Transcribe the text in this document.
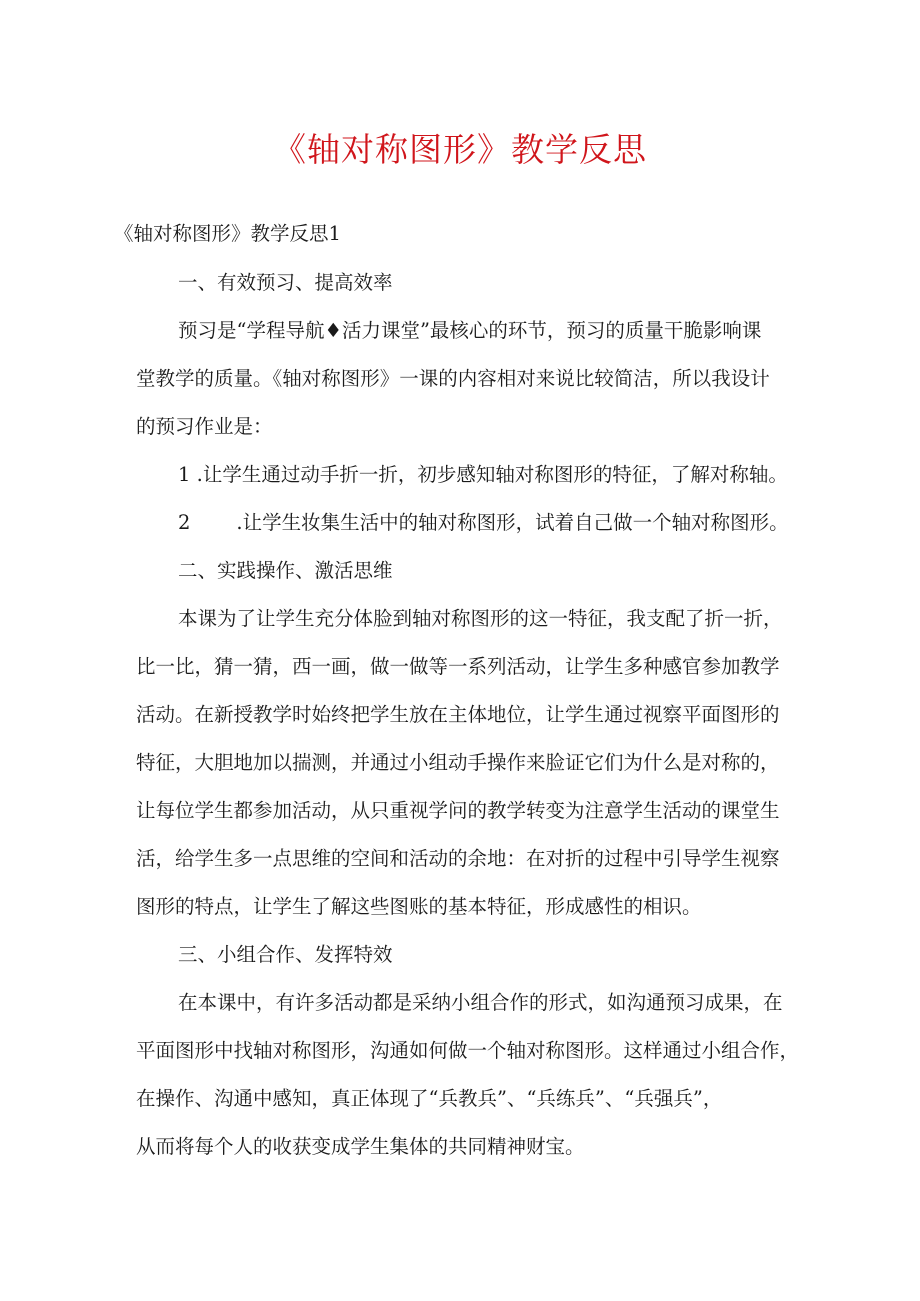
《轴对称图形》教学反思

《轴对称图形》教学反思1

一、有效预习、提高效率

预习是“学程导航♦活力课堂”最核心的环节，预习的质量干脆影响课

堂教学的质量。《轴对称图形》一课的内容相对来说比较简洁，所以我设计

的预习作业是：

1 .让学生通过动手折一折，初步感知轴对称图形的特征，了解对称轴。

2 .让学生妆集生活中的轴对称图形，试着自己做一个轴对称图形。

二、实践操作、激活思维

本课为了让学生充分体脸到轴对称图形的这一特征，我支配了折一折，

比一比，猜一猜，西一画，做一做等一系列活动，让学生多种感官参加教学

活动。在新授教学时始终把学生放在主体地位，让学生通过视察平面图形的

特征，大胆地加以揣测，并通过小组动手操作来脸证它们为什么是对称的，

让每位学生都参加活动，从只重视学问的教学转变为注意学生活动的课堂生

活，给学生多一点思维的空间和活动的余地：在对折的过程中引导学生视察

图形的特点，让学生了解这些图账的基本特征，形成感性的相识。

三、小组合作、发挥特效

在本课中，有许多活动都是采纳小组合作的形式，如沟通预习成果，在

平面图形中找轴对称图形，沟通如何做一个轴对称图形。这样通过小组合作，

在操作、沟通中感知，真正体现了“兵教兵”、“兵练兵”、“兵强兵”，

从而将每个人的收获变成学生集体的共同精神财宝。
